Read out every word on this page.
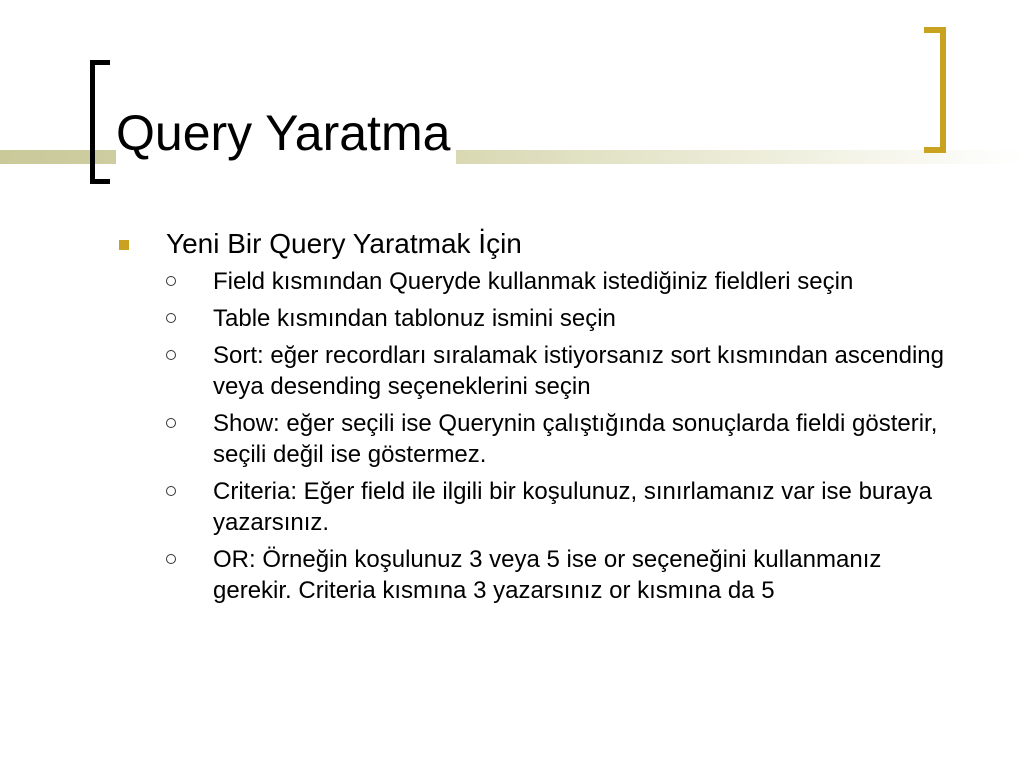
Query Yaratma
Yeni Bir Query Yaratmak İçin
Field kısmından Queryde kullanmak istediğiniz fieldleri seçin
Table kısmından tablonuz ismini seçin
Sort: eğer recordları sıralamak istiyorsanız sort kısmından ascending veya desending seçeneklerini seçin
Show: eğer seçili ise Querynin çalıştığında sonuçlarda fieldi gösterir, seçili değil ise göstermez.
Criteria: Eğer field ile ilgili bir koşulunuz, sınırlamanız var ise buraya yazarsınız.
OR: Örneğin koşulunuz 3 veya 5 ise or seçeneğini kullanmanız gerekir. Criteria kısmına 3 yazarsınız or kısmına da 5
